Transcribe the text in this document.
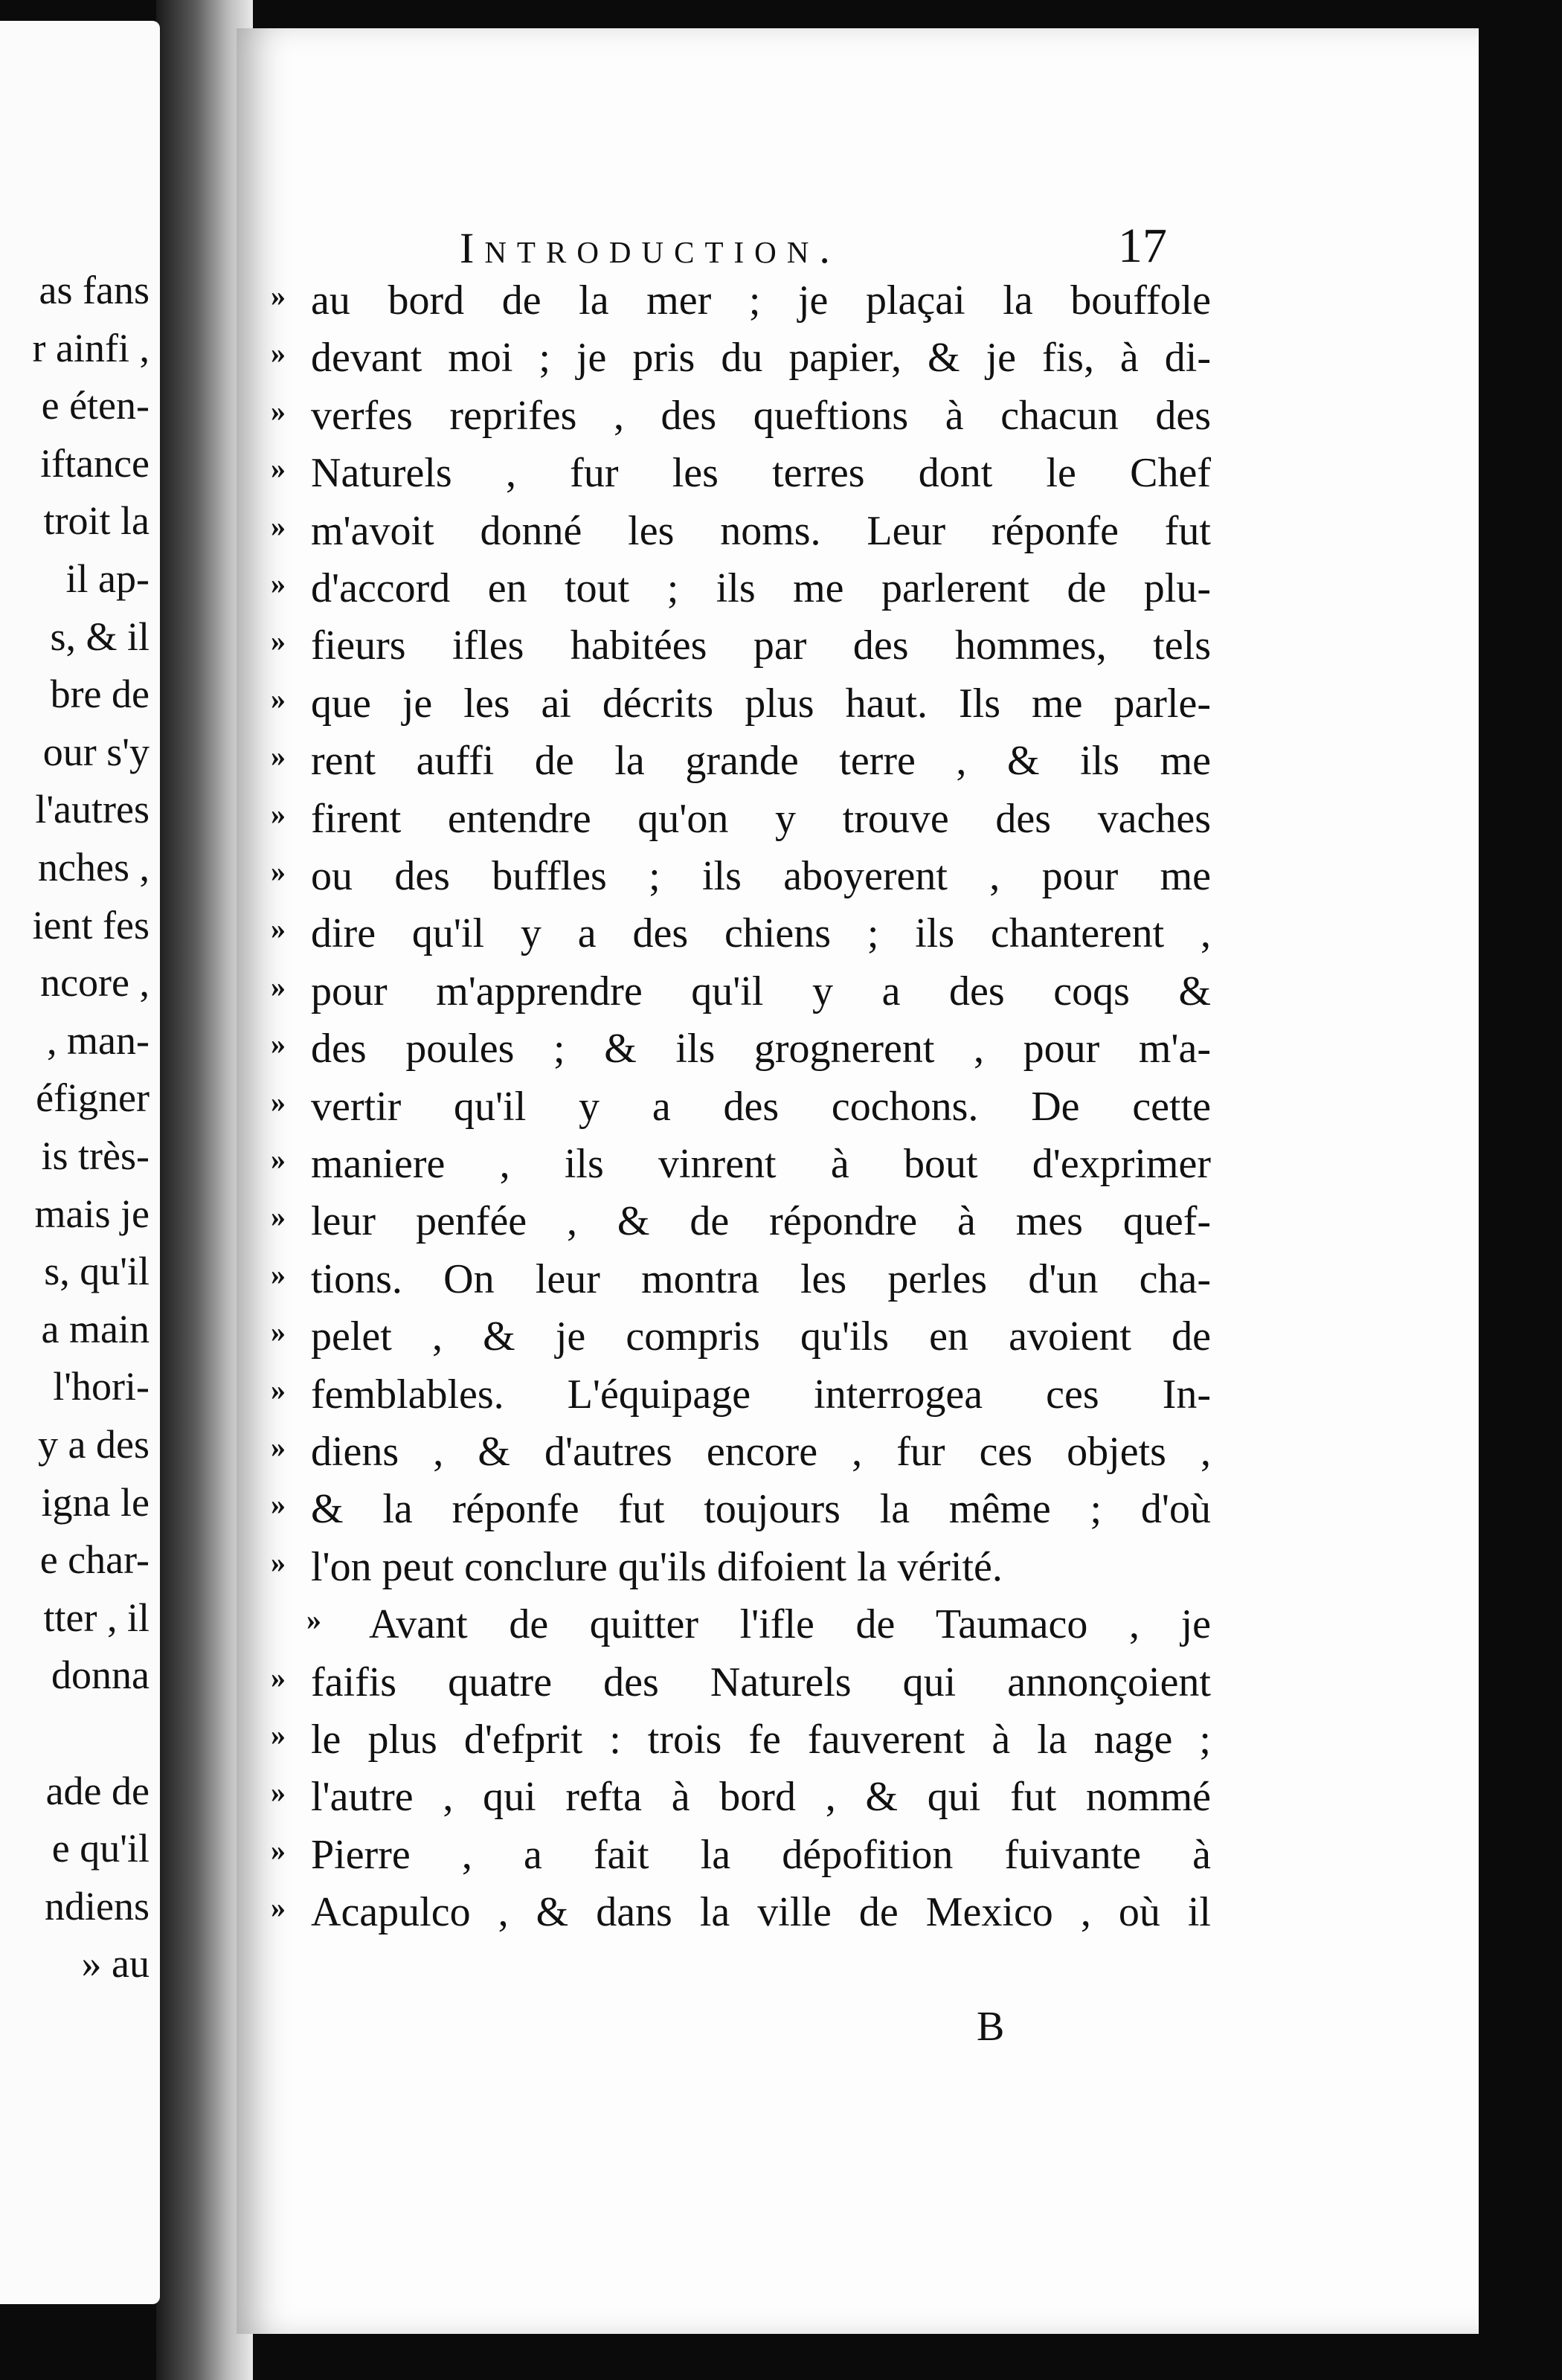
as fans
r ainfi ,
e éten-
iftance
troit la
il ap-
s, & il
bre de
our s'y
l'autres
nches ,
ient fes
ncore ,
, man-
éfigner
is très-
mais je
s, qu'il
a main
l'hori-
y a des
igna le
e char-
tter , il
donna
ade de
e qu'il
ndiens
» au
Introduction.	17
» au bord de la mer ; je plaçai la bouffole
» devant moi ; je pris du papier, & je fis, à di-
» verfes reprifes , des queftions à chacun des
» Naturels , fur les terres dont le Chef
» m'avoit donné les noms. Leur réponfe fut
» d'accord en tout ; ils me parlerent de plu-
» fieurs ifles habitées par des hommes, tels
» que je les ai décrits plus haut. Ils me parle-
» rent auffi de la grande terre , & ils me
» firent entendre qu'on y trouve des vaches
» ou des buffles ; ils aboyerent , pour me
» dire qu'il y a des chiens ; ils chanterent ,
» pour m'apprendre qu'il y a des coqs &
» des poules ; & ils grognerent , pour m'a-
» vertir qu'il y a des cochons. De cette
» maniere , ils vinrent à bout d'exprimer
» leur penfée , & de répondre à mes quef-
» tions. On leur montra les perles d'un cha-
» pelet , & je compris qu'ils en avoient de
» femblables. L'équipage interrogea ces In-
» diens , & d'autres encore , fur ces objets ,
» & la réponfe fut toujours la même ; d'où
» l'on peut conclure qu'ils difoient la vérité.
» Avant de quitter l'ifle de Taumaco , je
» faifis quatre des Naturels qui annonçoient
» le plus d'efprit : trois fe fauverent à la nage ;
» l'autre , qui refta à bord , & qui fut nommé
» Pierre , a fait la dépofition fuivante à
» Acapulco , & dans la ville de Mexico , où il
B
